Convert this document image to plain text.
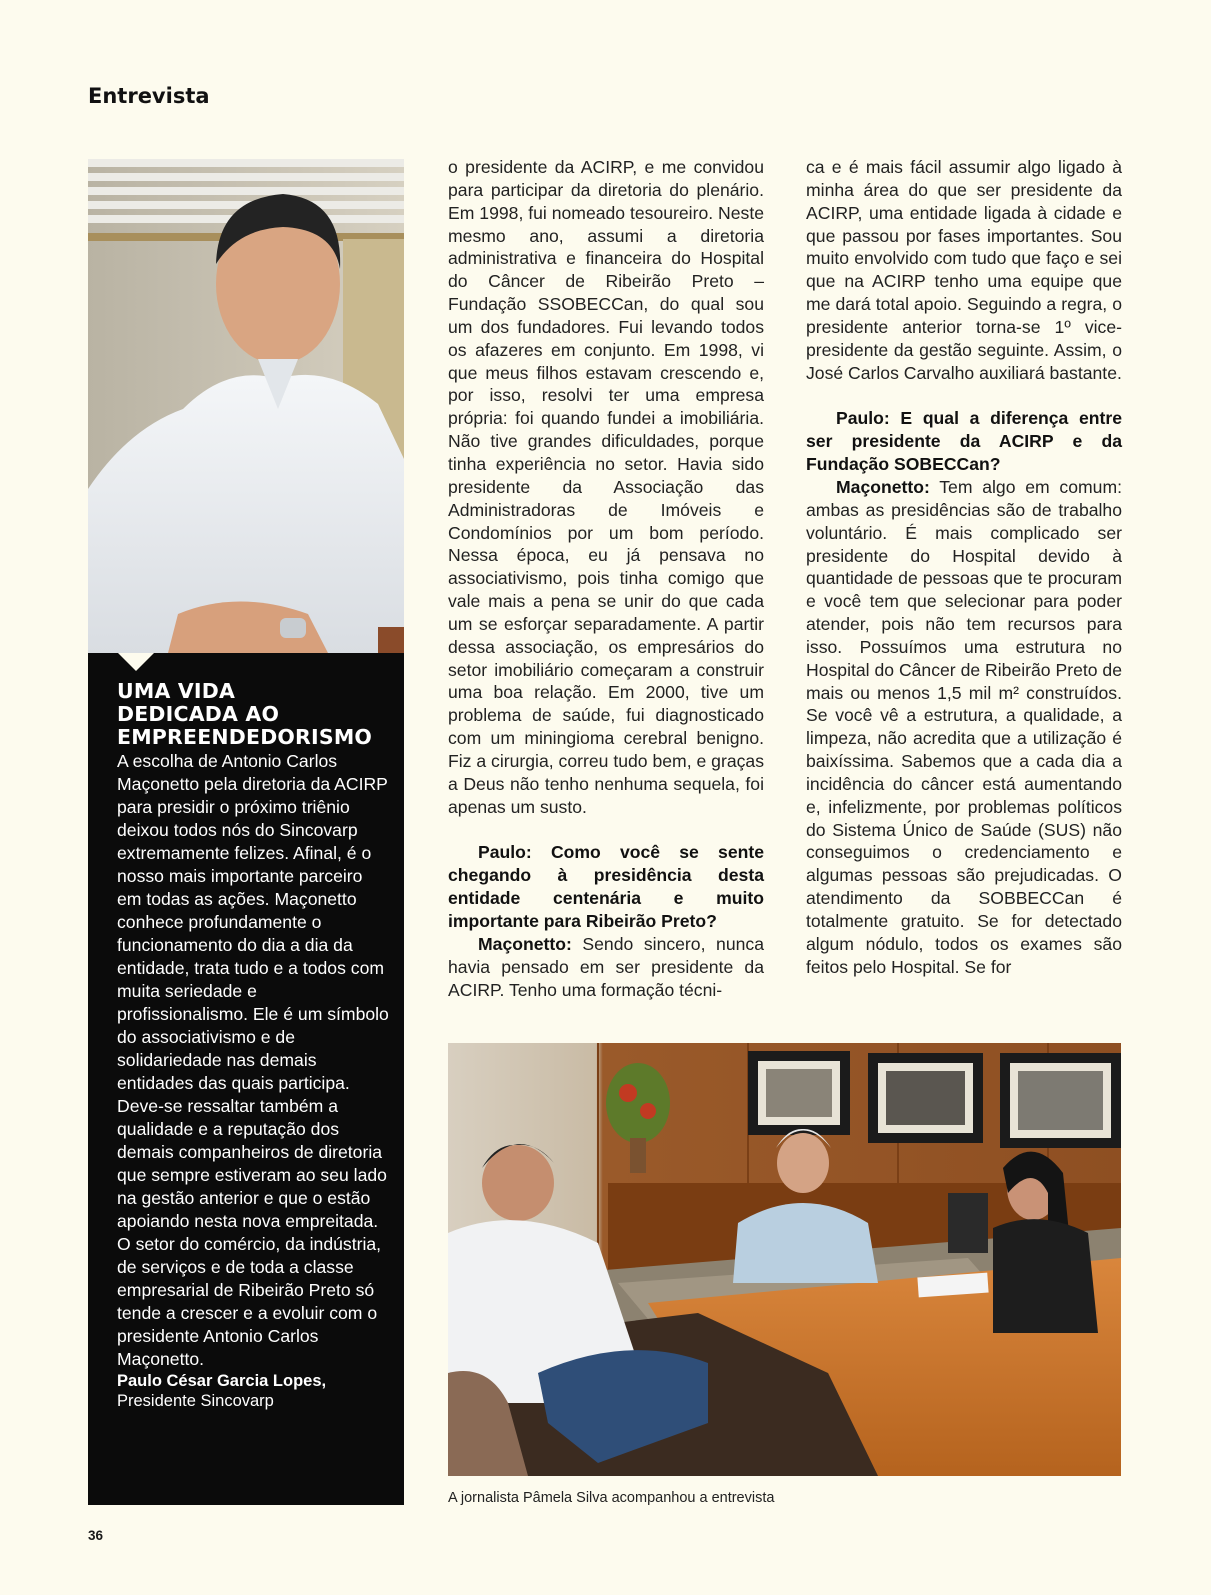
Entrevista
UMA VIDA
DEDICADA AO
EMPREENDEDORISMO

A escolha de Antonio Carlos Maçonetto pela diretoria da ACIRP para presidir o próximo triênio deixou todos nós do Sincovarp extremamente felizes. Afinal, é o nosso mais importante parceiro em todas as ações. Maçonetto conhece profundamente o funcionamento do dia a dia da entidade, trata tudo e a todos com muita seriedade e profissionalismo. Ele é um símbolo do associativismo e de solidariedade nas demais entidades das quais participa. Deve-se ressaltar também a qualidade e a reputação dos demais companheiros de diretoria que sempre estiveram ao seu lado na gestão anterior e que o estão apoiando nesta nova empreitada. O setor do comércio, da indústria, de serviços e de toda a classe empresarial de Ribeirão Preto só tende a crescer e a evoluir com o presidente Antonio Carlos Maçonetto.

Paulo César Garcia Lopes,
Presidente Sincovarp

o presidente da ACIRP, e me convidou para participar da diretoria do plenário. Em 1998, fui nomeado tesoureiro. Neste mesmo ano, assumi a diretoria administrativa e financeira do Hospital do Câncer de Ribeirão Preto – Fundação SSOBECCan, do qual sou um dos fundadores. Fui levando todos os afazeres em conjunto. Em 1998, vi que meus filhos estavam crescendo e, por isso, resolvi ter uma empresa própria: foi quando fundei a imobiliária. Não tive grandes dificuldades, porque tinha experiência no setor. Havia sido presidente da Associação das Administradoras de Imóveis e Condomínios por um bom período. Nessa época, eu já pensava no associativismo, pois tinha comigo que vale mais a pena se unir do que cada um se esforçar separadamente. A partir dessa associação, os empresários do setor imobiliário começaram a construir uma boa relação. Em 2000, tive um problema de saúde, fui diagnosticado com um miningioma cerebral benigno. Fiz a cirurgia, correu tudo bem, e graças a Deus não tenho nenhuma sequela, foi apenas um susto.

Paulo: Como você se sente chegando à presidência desta entidade centenária e muito importante para Ribeirão Preto?

Maçonetto: Sendo sincero, nunca havia pensado em ser presidente da ACIRP. Tenho uma formação técni-

ca e é mais fácil assumir algo ligado à minha área do que ser presidente da ACIRP, uma entidade ligada à cidade e que passou por fases importantes. Sou muito envolvido com tudo que faço e sei que na ACIRP tenho uma equipe que me dará total apoio. Seguindo a regra, o presidente anterior torna-se 1º vice-presidente da gestão seguinte. Assim, o José Carlos Carvalho auxiliará bastante.

Paulo: E qual a diferença entre ser presidente da ACIRP e da Fundação SOBECCan?

Maçonetto: Tem algo em comum: ambas as presidências são de trabalho voluntário. É mais complicado ser presidente do Hospital devido à quantidade de pessoas que te procuram e você tem que selecionar para poder atender, pois não tem recursos para isso. Possuímos uma estrutura no Hospital do Câncer de Ribeirão Preto de mais ou menos 1,5 mil m² construídos. Se você vê a estrutura, a qualidade, a limpeza, não acredita que a utilização é baixíssima. Sabemos que a cada dia a incidência do câncer está aumentando e, infelizmente, por problemas políticos do Sistema Único de Saúde (SUS) não conseguimos o credenciamento e algumas pessoas são prejudicadas. O atendimento da SOBBECCan é totalmente gratuito. Se for detectado algum nódulo, todos os exames são feitos pelo Hospital. Se for

A jornalista Pâmela Silva acompanhou a entrevista
36
